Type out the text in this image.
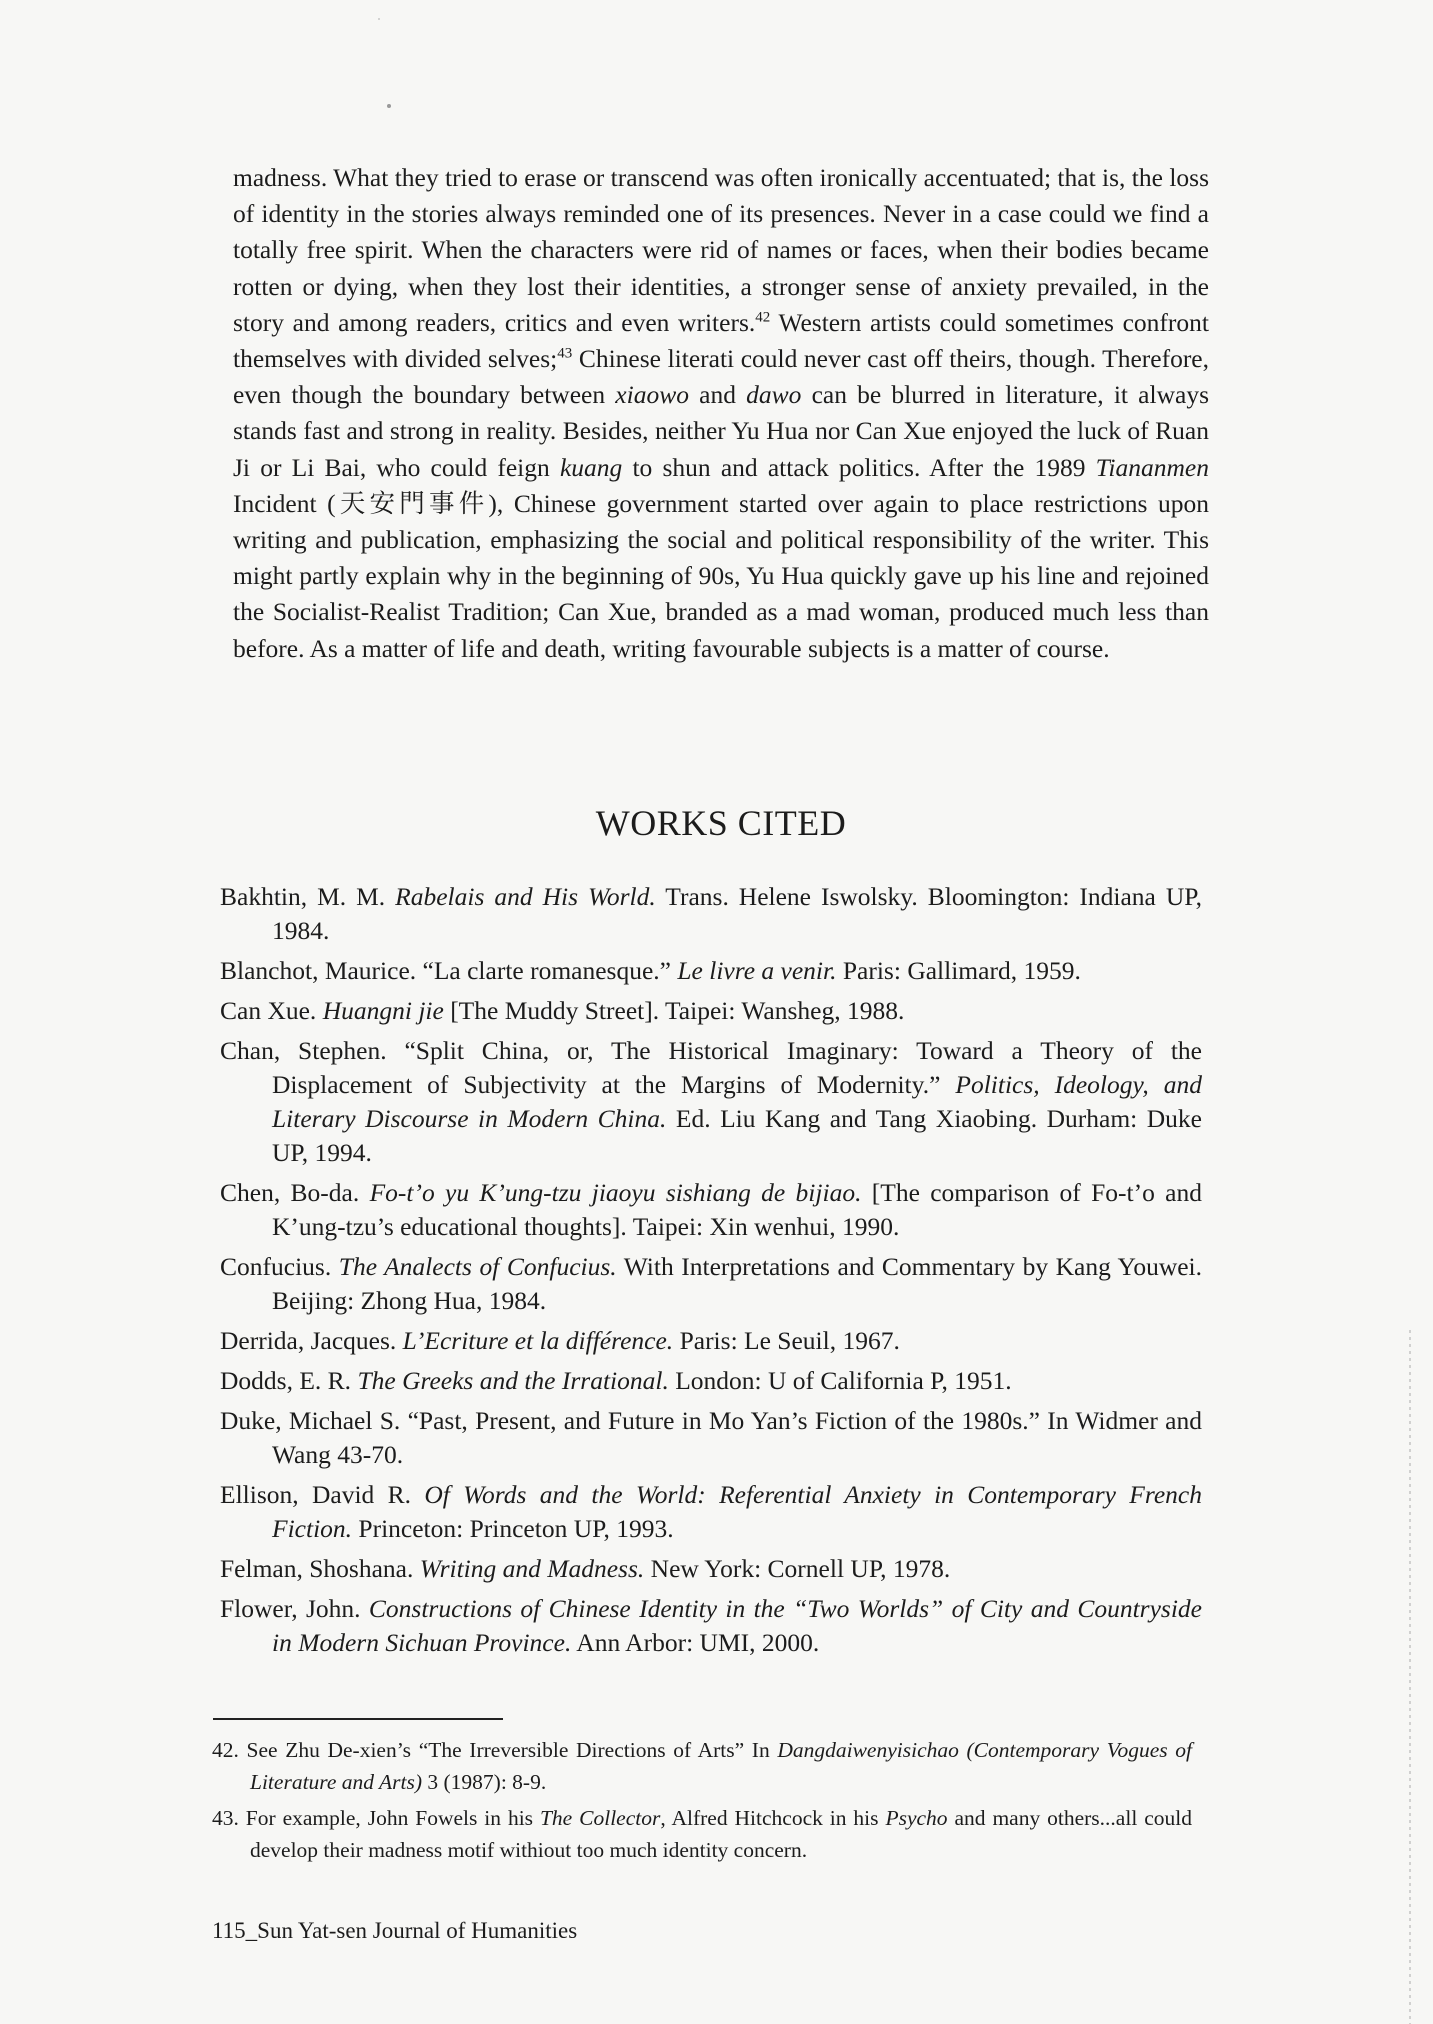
madness. What they tried to erase or transcend was often ironically accentuated; that is, the loss of identity in the stories always reminded one of its presences. Never in a case could we find a totally free spirit. When the characters were rid of names or faces, when their bodies became rotten or dying, when they lost their identities, a stronger sense of anxiety prevailed, in the story and among readers, critics and even writers.$^{42}$ Western artists could sometimes confront themselves with divided selves;$^{43}$ Chinese literati could never cast off theirs, though. Therefore, even though the boundary between xiaowo and dawo can be blurred in literature, it always stands fast and strong in reality. Besides, neither Yu Hua nor Can Xue enjoyed the luck of Ruan Ji or Li Bai, who could feign kuang to shun and attack politics. After the 1989 Tiananmen Incident (天安門事件), Chinese government started over again to place restrictions upon writing and publication, emphasizing the social and political responsibility of the writer. This might partly explain why in the beginning of 90s, Yu Hua quickly gave up his line and rejoined the Socialist-Realist Tradition; Can Xue, branded as a mad woman, produced much less than before. As a matter of life and death, writing favourable subjects is a matter of course.

WORKS CITED
Bakhtin, M. M. Rabelais and His World. Trans. Helene Iswolsky. Bloomington: Indiana UP, 1984.
Blanchot, Maurice. “La clarte romanesque.” Le livre a venir. Paris: Gallimard, 1959.
Can Xue. Huangni jie [The Muddy Street]. Taipei: Wansheg, 1988.
Chan, Stephen. “Split China, or, The Historical Imaginary: Toward a Theory of the Displacement of Subjectivity at the Margins of Modernity.” Politics, Ideology, and Literary Discourse in Modern China. Ed. Liu Kang and Tang Xiaobing. Durham: Duke UP, 1994.
Chen, Bo-da. Fo-t’o yu K’ung-tzu jiaoyu sishiang de bijiao. [The comparison of Fo-t’o and K’ung-tzu’s educational thoughts]. Taipei: Xin wenhui, 1990.
Confucius. The Analects of Confucius. With Interpretations and Commentary by Kang Youwei. Beijing: Zhong Hua, 1984.
Derrida, Jacques. L’Ecriture et la différence. Paris: Le Seuil, 1967.
Dodds, E. R. The Greeks and the Irrational. London: U of California P, 1951.
Duke, Michael S. “Past, Present, and Future in Mo Yan’s Fiction of the 1980s.” In Widmer and Wang 43-70.
Ellison, David R. Of Words and the World: Referential Anxiety in Contemporary French Fiction. Princeton: Princeton UP, 1993.
Felman, Shoshana. Writing and Madness. New York: Cornell UP, 1978.
Flower, John. Constructions of Chinese Identity in the “Two Worlds” of City and Countryside in Modern Sichuan Province. Ann Arbor: UMI, 2000.
42. See Zhu De-xien’s “The Irreversible Directions of Arts” In Dangdaiwenyisichao (Contemporary Vogues of Literature and Arts) 3 (1987): 8-9.
43. For example, John Fowels in his The Collector, Alfred Hitchcock in his Psycho and many others...all could develop their madness motif withiout too much identity concern.
115_Sun Yat-sen Journal of Humanities
